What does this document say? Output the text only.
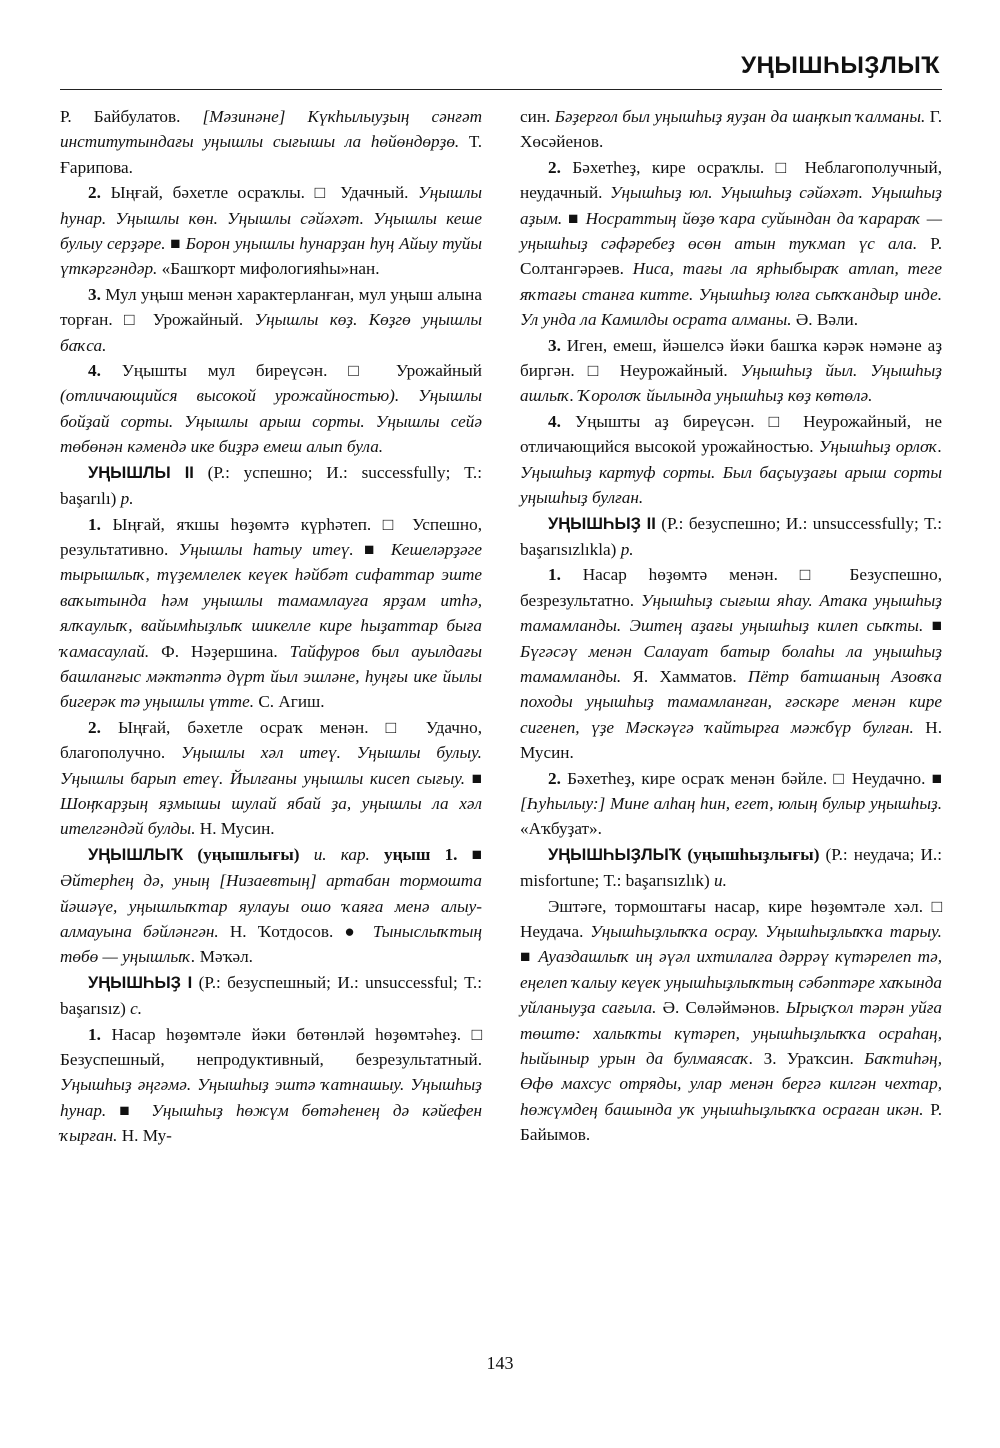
УҢЫШҺЫҘЛЫҠ

Р. Байбулатов. [Мәзинәне] Күкһылыуҙың сәнғәт институтындағы уңышлы сығышы ла һөйөндөрҙө. Т. Ғарипова.

2. Ыңғай, бәхетле осраҡлы. □ Удачный. Уңышлы һунар. Уңышлы көн. Уңышлы сәйәхәт. Уңышлы кеше булыу серҙәре. ■ Борон уңышлы һунарҙан һуң Айыу туйы үткәргәндәр. «Башҡорт мифологияһы»нан.

3. Мул уңыш менән характерланған, мул уңыш алына торған. □ Урожайный. Уңышлы көҙ. Көҙгө уңышлы баҡса.

4. Уңышты мул биреүсән. □ Урожайный (отличающийся высокой урожайностью). Уңышлы бойҙай сорты. Уңышлы арыш сорты. Уңышлы сейә төбөнән кәмендә ике биҙрә емеш алып була.

УҢЫШЛЫ II (Р.: успешно; И.: successfully; Т.: başarılı) р.

1. Ыңғай, яҡшы һөҙөмтә күрһәтеп. □ Успешно, результативно. Уңышлы һатыу итеү. ■ Кешеләрҙәге тырышлыҡ, түҙемлелек кеүек һәйбәт сифаттар эште ваҡытында һәм уңышлы тамамлауға ярҙам итһә, ялҡаулыҡ, вайымһыҙлыҡ шикелле кире һыҙаттар быға ҡамасаулай. Ф. Нәҙершина. Тайфуров был ауылдағы башланғыс мәктәптә дүрт йыл эшләне, һуңғы ике йылы бигерәк тә уңышлы үтте. С. Агиш.

2. Ыңғай, бәхетле осраҡ менән. □ Удачно, благополучно. Уңышлы хәл итеү. Уңышлы булыу. Уңышлы барып етеү. Йылғаны уңышлы кисеп сығыу. ■ Шоңҡарҙың яҙмышы шулай ябай ҙа, уңышлы ла хәл ителгәндәй булды. Н. Мусин.

УҢЫШЛЫҠ (уңышлығы) и. кар. уңыш 1. ■ Әйтерһең дә, уның [Низаевтың] артабан тормошта йәшәүе, уңышлыҡтар яулауы ошо ҡаяға менә алыу-алмауына бәйләнгән. Н. Ҡотдосов. ● Тыныслыҡтың төбө — уңышлыҡ. Мәҡәл.

УҢЫШҺЫҘ I (Р.: безуспешный; И.: unsuccessful; Т.: başarısız) с.

1. Насар һөҙөмтәле йәки бөтөнләй һөҙөмтәһеҙ. □ Безуспешный, непродуктивный, безрезультатный. Уңышһыҙ әңгәмә. Уңышһыҙ эштә ҡатнашыу. Уңышһыҙ һунар. ■ Уңышһыҙ һөжүм бөтәһенең дә кәйефен ҡырған. Н. Му-

син. Бәҙерғол был уңышһыҙ яуҙан да шаңҡып ҡалманы. Г. Хөсәйенов.

2. Бәхетһеҙ, кире осраҡлы. □ Неблагополучный, неудачный. Уңышһыҙ юл. Уңышһыҙ сәйәхәт. Уңышһыҙ аҙым. ■ Носраттың йөҙө ҡара суйындан да ҡарараҡ — уңышһыҙ сәфәребеҙ өсөн атын туҡмап үс ала. Р. Солтангәрәев. Ниса, тағы ла ярһыбыраҡ атлап, теге яҡтағы станға китте. Уңышһыҙ юлға сыҡҡандыр инде. Ул унда ла Камилды осрата алманы. Ә. Вәли.

3. Иген, емеш, йәшелсә йәки башҡа кәрәк нәмәне аҙ биргән. □ Неурожайный. Уңышһыҙ йыл. Уңышһыҙ ашлыҡ. Ҡоролоҡ йылында уңышһыҙ көҙ көтөлә.

4. Уңышты аҙ биреүсән. □ Неурожайный, не отличающийся высокой урожайностью. Уңышһыҙ орлоҡ. Уңышһыҙ картуф сорты. Был баҫыуҙағы арыш сорты уңышһыҙ булған.

УҢЫШҺЫҘ II (Р.: безуспешно; И.: unsuccessfully; Т.: başarısızlıkla) р.

1. Насар һөҙөмтә менән. □ Безуспешно, безрезультатно. Уңышһыҙ сығыш яһау. Атака уңышһыҙ тамамланды. Эштең аҙағы уңышһыҙ килеп сыҡты. ■ Бүгәсәү менән Салауат батыр болаһы ла уңышһыҙ тамамланды. Я. Хамматов. Пётр батшаның Азовҡа походы уңышһыҙ тамамланған, ғәскәре менән кире сигенеп, үҙе Мәскәүгә ҡайтырға мәжбүр булған. Н. Мусин.

2. Бәхетһеҙ, кире осраҡ менән бәйле. □ Неудачно. ■ [Һуһылыу:] Мине алһаң һин, егет, юлың булыр уңышһыҙ. «Аҡбуҙат».

УҢЫШҺЫҘЛЫҠ (уңышһыҙлығы) (Р.: неудача; И.: misfortune; Т.: başarısızlık) и.

Эштәге, тормоштағы насар, кире һөҙөмтәле хәл. □ Неудача. Уңышһыҙлыҡҡа осрау. Уңышһыҙлыҡҡа тарыу. ■ Ауаздашлыҡ иң әүәл ихтилалға дәррәү күтәрелеп тә, еңелеп ҡалыу кеүек уңышһыҙлыҡтың сәбәптәре хаҡында уйланыуҙа сағыла. Ә. Сөләймәнов. Ырыҫҡол тәрән уйға төштө: халыҡты күтәреп, уңышһыҙлыҡҡа осраһаң, һыйыныр урын да булмаясаҡ. З. Ураҡсин. Баҡтиһәң, Өфө махсус отряды, улар менән бергә килгән чехтар, һөжүмдең башында уҡ уңышһыҙлыҡҡа осраған икән. Р. Байымов.

143
